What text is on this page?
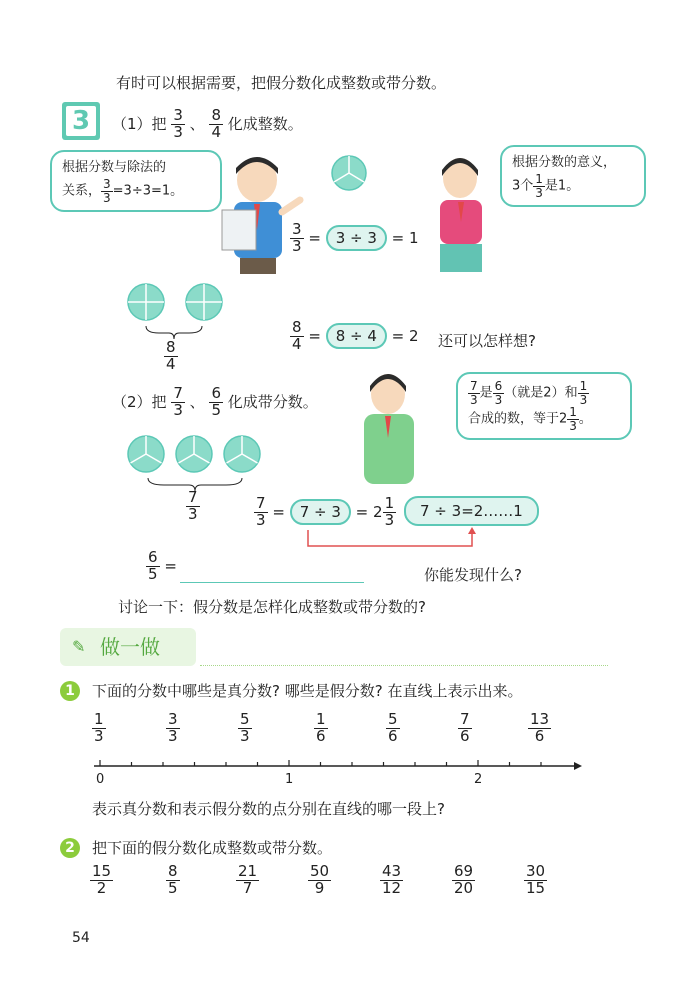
有时可以根据需要，把假分数化成整数或带分数。
3	（1）把 $\frac{3}{3}$ 、 $\frac{8}{4}$ 化成整数。
根据分数与除法的
关系， $\frac{3}{3} =3\div 3=1$。
根据分数的意义，
3个 $\frac{1}{3}$ 是1。
$\frac{3}{3} = 3 \div 3 = 1$
$\frac{8}{4}$
$\frac{8}{4} = 8 \div 4 = 2$ 还可以怎样想?
（2）把 $\frac{7}{3}$ 、 $\frac{6}{5}$ 化成带分数。	$\frac{7}{3}$ 是 $\frac{6}{3}$ （就是2）和 $\frac{1}{3}$
合成的数，等于$2 \frac{1}{3}$ 。
$\frac{7}{3}$	$\frac{7}{3} = 7 \div 3 = 2 \frac{1}{3}$	7 ÷ 3=2……1
$\frac{6}{5}$ =
你能发现什么?
讨论一下：假分数是怎样化成整数或带分数的?
✎ 做一做
1	下面的分数中哪些是真分数? 哪些是假分数? 在直线上表示出来。
$\frac{1}{3}$	$\frac{3}{3}$	$\frac{5}{3}$	$\frac{1}{6}$	$\frac{5}{6}$	$\frac{7}{6}$	$\frac{13}{6}$
0	1	2
表示真分数和表示假分数的点分别在直线的哪一段上?
2	把下面的假分数化成整数或带分数。
$\frac{15}{2}$	$\frac{8}{5}$	$\frac{21}{7}$	$\frac{50}{9}$	$\frac{43}{12}$	$\frac{69}{20}$	$\frac{30}{15}$
54
